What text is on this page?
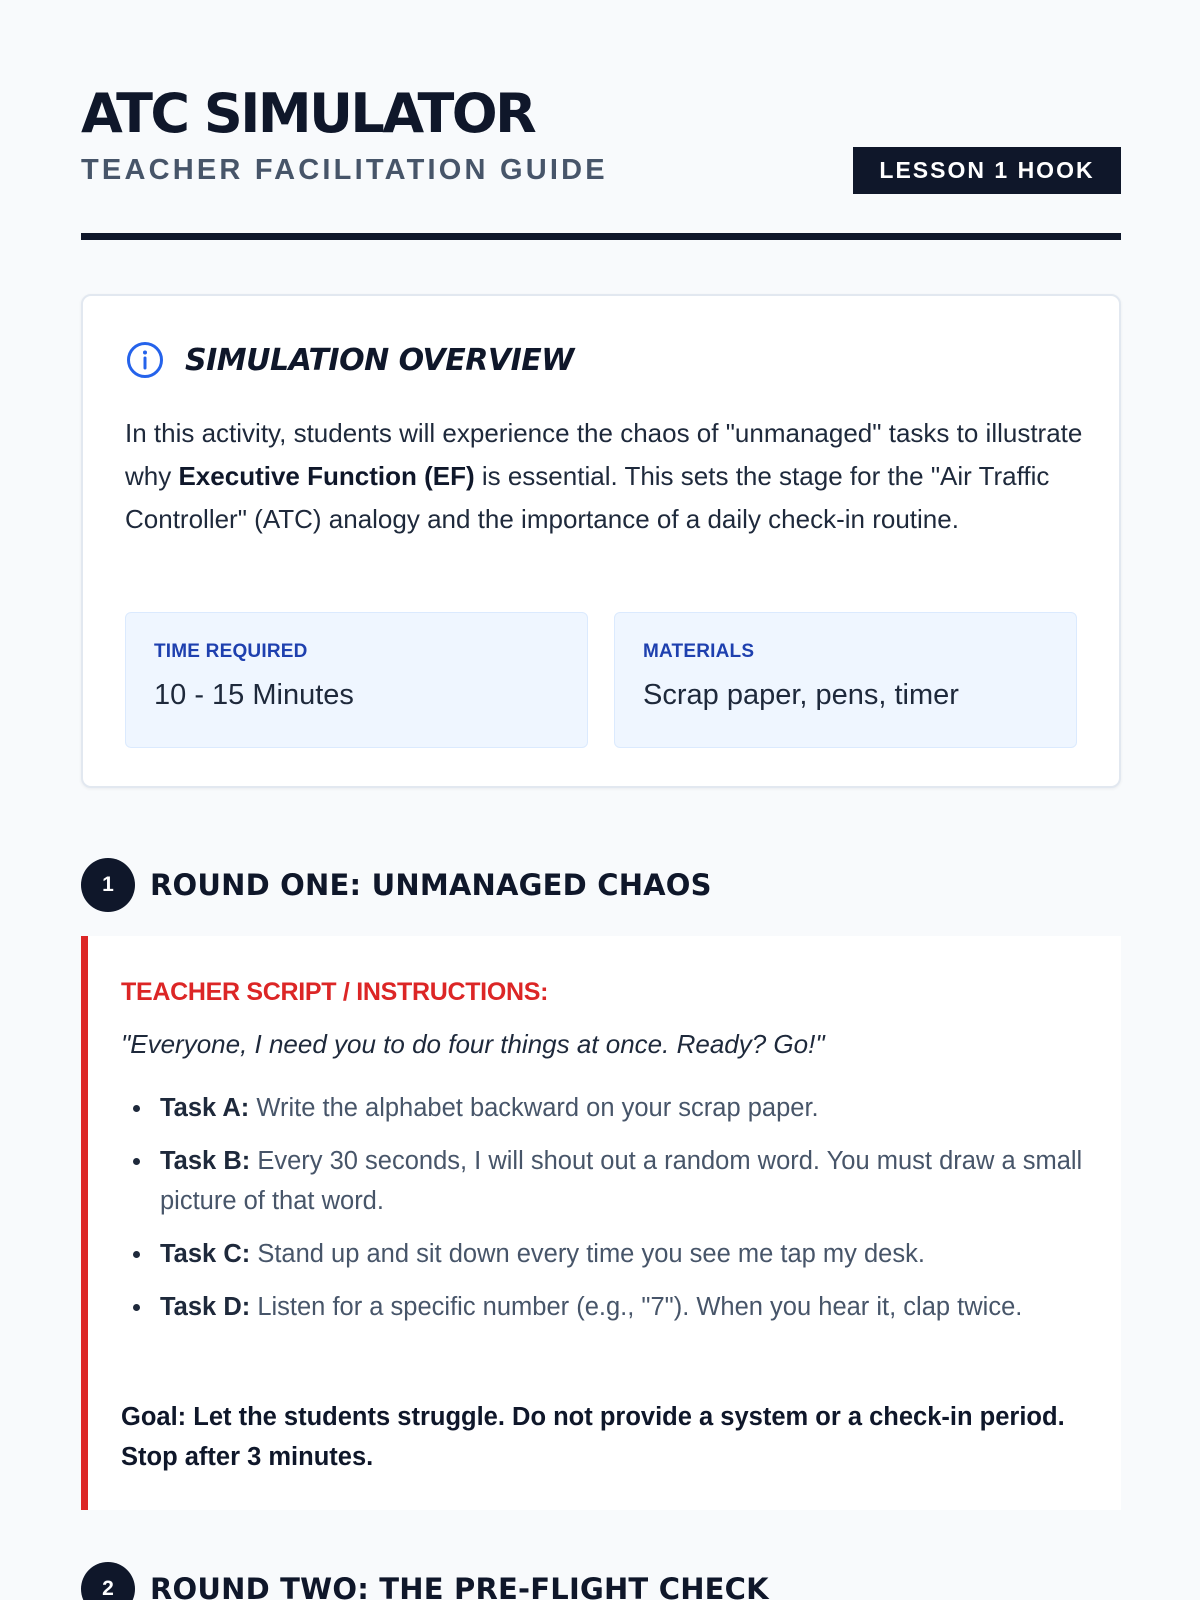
ATC SIMULATOR
TEACHER FACILITATION GUIDE	LESSON 1 HOOK
SIMULATION OVERVIEW

In this activity, students will experience the chaos of "unmanaged" tasks to illustrate why Executive Function (EF) is essential. This sets the stage for the "Air Traffic Controller" (ATC) analogy and the importance of a daily check-in routine.

TIME REQUIRED
10 - 15 Minutes
MATERIALS
Scrap paper, pens, timer
1	ROUND ONE: UNMANAGED CHAOS
TEACHER SCRIPT / INSTRUCTIONS:
"Everyone, I need you to do four things at once. Ready? Go!"
Task A: Write the alphabet backward on your scrap paper.
Task B: Every 30 seconds, I will shout out a random word. You must draw a small picture of that word.
Task C: Stand up and sit down every time you see me tap my desk.
Task D: Listen for a specific number (e.g., "7"). When you hear it, clap twice.

Goal: Let the students struggle. Do not provide a system or a check-in period. Stop after 3 minutes.

2	ROUND TWO: THE PRE-FLIGHT CHECK
